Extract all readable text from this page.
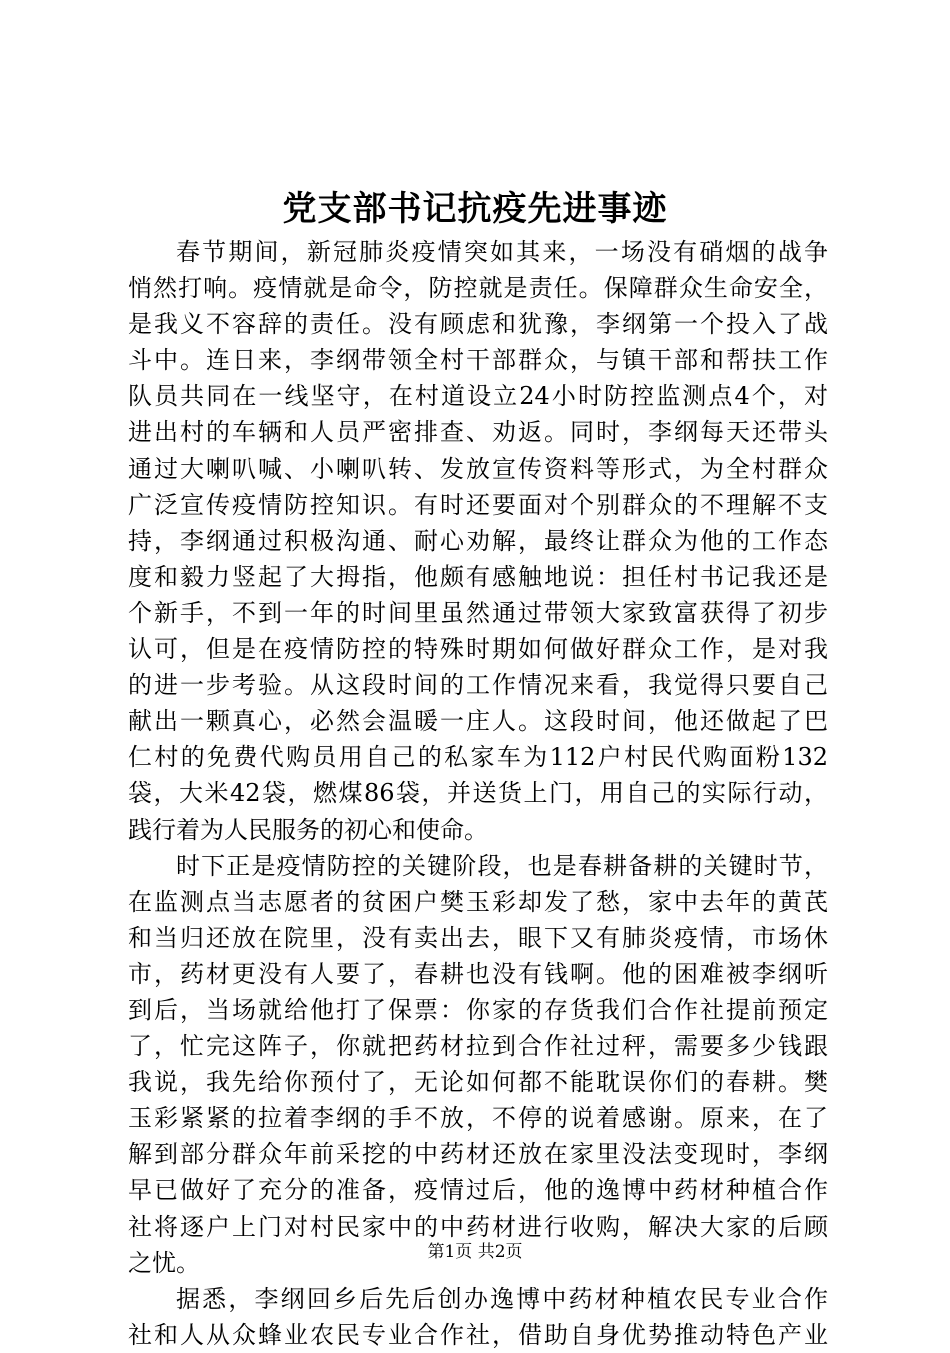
党支部书记抗疫先进事迹
春节期间，新冠肺炎疫情突如其来，一场没有硝烟的战争
悄然打响。疫情就是命令，防控就是责任。保障群众生命安全，
是我义不容辞的责任。没有顾虑和犹豫，李纲第一个投入了战
斗中。连日来，李纲带领全村干部群众，与镇干部和帮扶工作
队员共同在一线坚守，在村道设立24小时防控监测点4个，对
进出村的车辆和人员严密排查、劝返。同时，李纲每天还带头
通过大喇叭喊、小喇叭转、发放宣传资料等形式，为全村群众
广泛宣传疫情防控知识。有时还要面对个别群众的不理解不支
持，李纲通过积极沟通、耐心劝解，最终让群众为他的工作态
度和毅力竖起了大拇指，他颇有感触地说：担任村书记我还是
个新手，不到一年的时间里虽然通过带领大家致富获得了初步
认可，但是在疫情防控的特殊时期如何做好群众工作，是对我
的进一步考验。从这段时间的工作情况来看，我觉得只要自己
献出一颗真心，必然会温暖一庄人。这段时间，他还做起了巴
仁村的免费代购员用自己的私家车为112户村民代购面粉132
袋，大米42袋，燃煤86袋，并送货上门，用自己的实际行动，
践行着为人民服务的初心和使命。
时下正是疫情防控的关键阶段，也是春耕备耕的关键时节，
在监测点当志愿者的贫困户樊玉彩却发了愁，家中去年的黄芪
和当归还放在院里，没有卖出去，眼下又有肺炎疫情，市场休
市，药材更没有人要了，春耕也没有钱啊。他的困难被李纲听
到后，当场就给他打了保票：你家的存货我们合作社提前预定
了，忙完这阵子，你就把药材拉到合作社过秤，需要多少钱跟
我说，我先给你预付了，无论如何都不能耽误你们的春耕。樊
玉彩紧紧的拉着李纲的手不放，不停的说着感谢。原来，在了
解到部分群众年前采挖的中药材还放在家里没法变现时，李纲
早已做好了充分的准备，疫情过后，他的逸博中药材种植合作
社将逐户上门对村民家中的中药材进行收购，解决大家的后顾
之忧。
据悉，李纲回乡后先后创办逸博中药材种植农民专业合作
社和人从众蜂业农民专业合作社，借助自身优势推动特色产业
第1页 共2页
